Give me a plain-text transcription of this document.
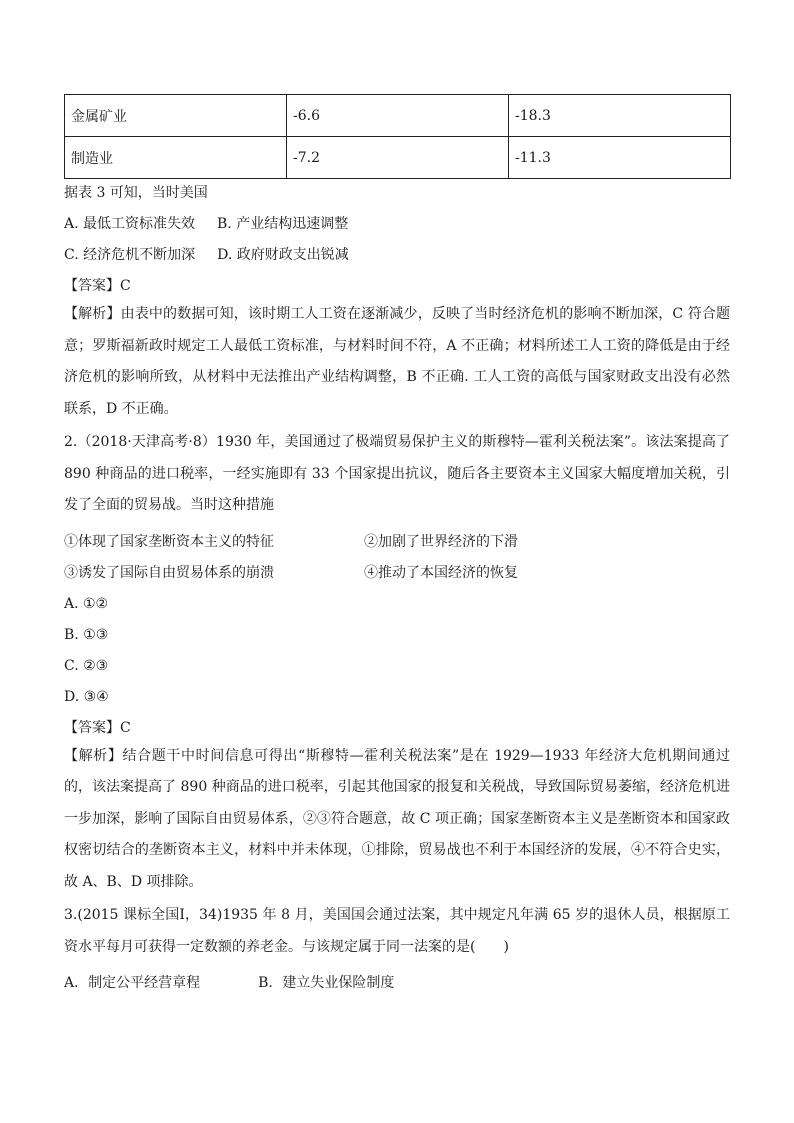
金属矿业	-6.6	-18.3
制造业	-7.2	-11.3
据表 3 可知，当时美国
A. 最低工资标准失效 B. 产业结构迅速调整
C. 经济危机不断加深 D. 政府财政支出锐减
【答案】C
【解析】由表中的数据可知，该时期工人工资在逐渐减少，反映了当时经济危机的影响不断加深，C 符合题意；罗斯福新政时规定工人最低工资标准，与材料时间不符，A 不正确；材料所述工人工资的降低是由于经济危机的影响所致，从材料中无法推出产业结构调整，B 不正确. 工人工资的高低与国家财政支出没有必然联系，D 不正确。
2.（2018·天津高考·8）1930 年，美国通过了极端贸易保护主义的斯穆特—霍利关税法案”。该法案提高了 890 种商品的进口税率，一经实施即有 33 个国家提出抗议，随后各主要资本主义国家大幅度增加关税，引发了全面的贸易战。当时这种措施
①体现了国家垄断资本主义的特征	②加剧了世界经济的下滑
③诱发了国际自由贸易体系的崩溃	④推动了本国经济的恢复
A. ①②
B. ①③
C. ②③
D. ③④
【答案】C
【解析】结合题干中时间信息可得出“斯穆特—霍利关税法案”是在 1929—1933 年经济大危机期间通过的，该法案提高了 890 种商品的进口税率，引起其他国家的报复和关税战，导致国际贸易萎缩，经济危机进一步加深，影响了国际自由贸易体系，②③符合题意，故 C 项正确；国家垄断资本主义是垄断资本和国家政权密切结合的垄断资本主义，材料中并未体现，①排除，贸易战也不利于本国经济的发展，④不符合史实，故 A、B、D 项排除。
3.(2015 课标全国Ⅰ，34)1935 年 8 月，美国国会通过法案，其中规定凡年满 65 岁的退休人员，根据原工资水平每月可获得一定数额的养老金。与该规定属于同一法案的是(　　)
A．制定公平经营章程	B．建立失业保险制度
